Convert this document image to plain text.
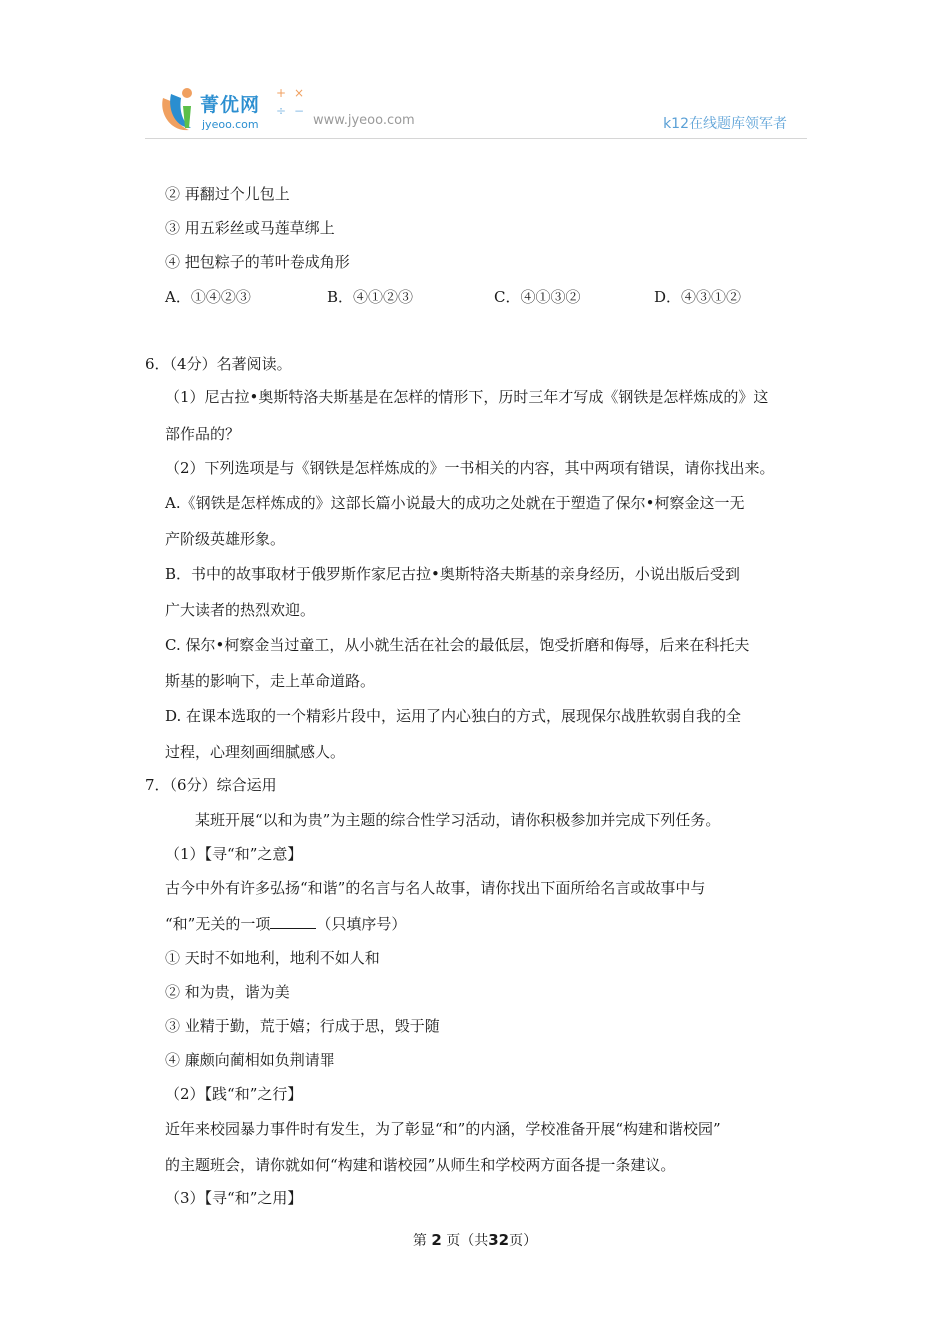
菁优网
jyeoo.com
+ ×
÷ −
www.jyeoo.com	k12在线题库领军者
② 再翻过个儿包上
③ 用五彩丝或马莲草绑上
④ 把包粽子的苇叶卷成角形
A．①④②③	B．④①②③	C．④①③②	D．④③①②
6．（4分）名著阅读。
（1）尼古拉•奥斯特洛夫斯基是在怎样的情形下，历时三年才写成《钢铁是怎样炼成的》这
部作品的？
（2）下列选项是与《钢铁是怎样炼成的》一书相关的内容，其中两项有错误，请你找出来。
A.《钢铁是怎样炼成的》这部长篇小说最大的成功之处就在于塑造了保尔•柯察金这一无
产阶级英雄形象。
B．书中的故事取材于俄罗斯作家尼古拉•奥斯特洛夫斯基的亲身经历，小说出版后受到
广大读者的热烈欢迎。
C. 保尔•柯察金当过童工，从小就生活在社会的最低层，饱受折磨和侮辱，后来在科托夫
斯基的影响下，走上革命道路。
D. 在课本选取的一个精彩片段中，运用了内心独白的方式，展现保尔战胜软弱自我的全
过程，心理刻画细腻感人。
7．（6分）综合运用
某班开展“以和为贵”为主题的综合性学习活动，请你积极参加并完成下列任务。
（1）【寻“和”之意】
古今中外有许多弘扬“和谐”的名言与名人故事，请你找出下面所给名言或故事中与
“和”无关的一项	（只填序号）
① 天时不如地利，地利不如人和
② 和为贵，谐为美
③ 业精于勤，荒于嬉；行成于思，毁于随
④ 廉颇向蔺相如负荆请罪
（2）【践“和”之行】
近年来校园暴力事件时有发生，为了彰显“和”的内涵，学校准备开展“构建和谐校园”
的主题班会，请你就如何“构建和谐校园”从师生和学校两方面各提一条建议。
（3）【寻“和”之用】
第 2 页（共32页）
